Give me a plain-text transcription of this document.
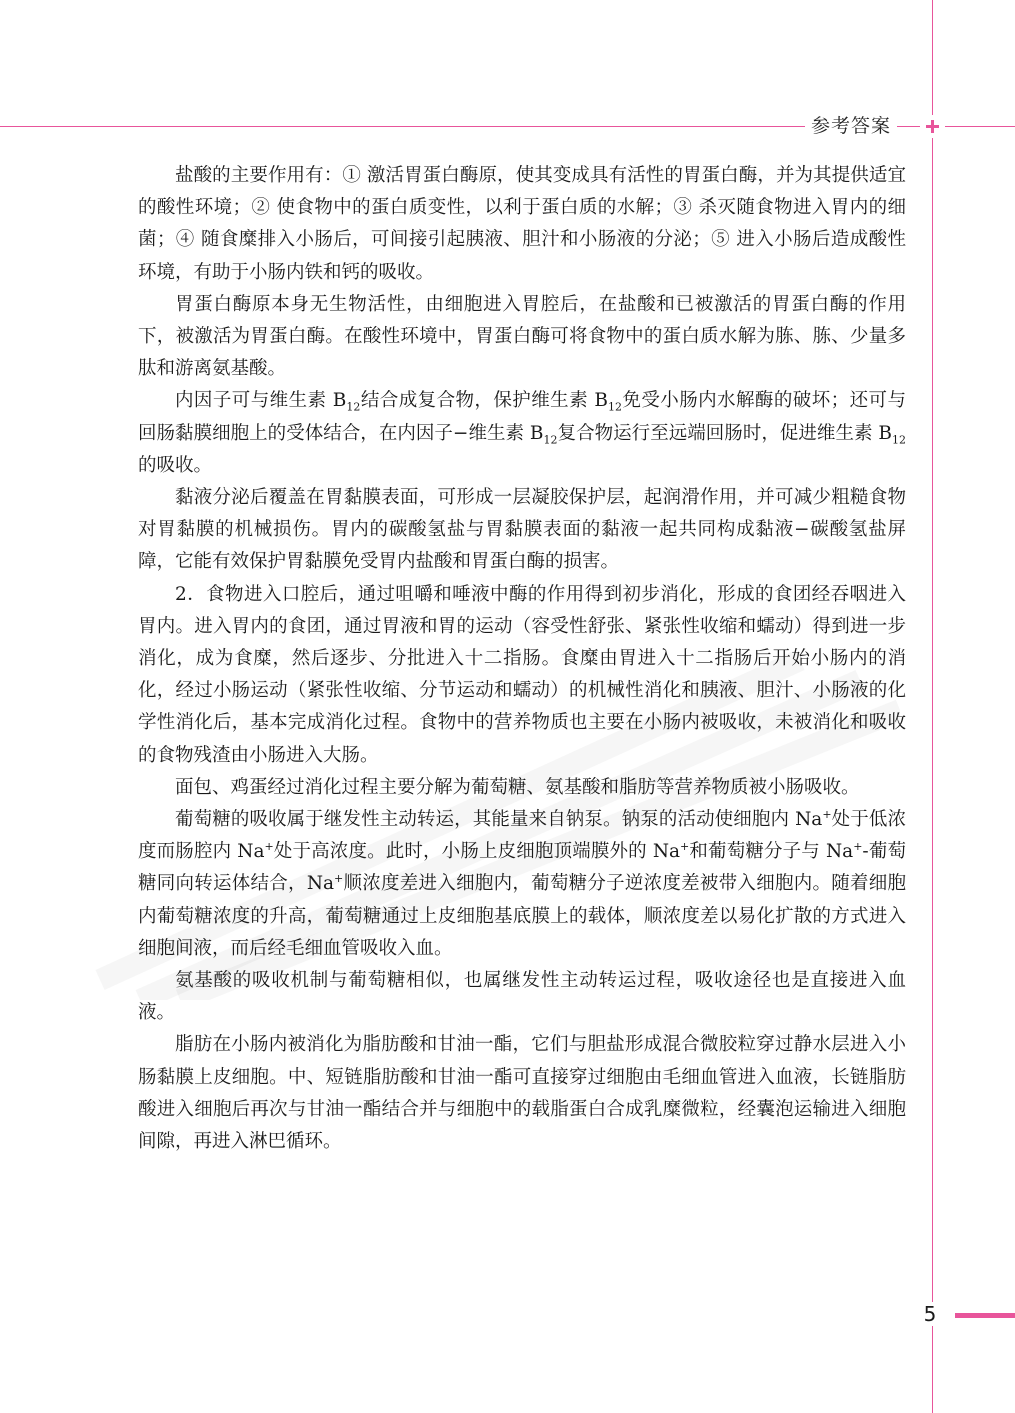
参考答案

盐酸的主要作用有：① 激活胃蛋白酶原，使其变成具有活性的胃蛋白酶，并为其提供适宜的酸性环境；② 使食物中的蛋白质变性，以利于蛋白质的水解；③ 杀灭随食物进入胃内的细菌；④ 随食糜排入小肠后，可间接引起胰液、胆汁和小肠液的分泌；⑤ 进入小肠后造成酸性环境，有助于小肠内铁和钙的吸收。

胃蛋白酶原本身无生物活性，由细胞进入胃腔后，在盐酸和已被激活的胃蛋白酶的作用下，被激活为胃蛋白酶。在酸性环境中，胃蛋白酶可将食物中的蛋白质水解为胨、胨、少量多肽和游离氨基酸。

内因子可与维生素 $B_{12}$结合成复合物，保护维生素 $B_{12}$免受小肠内水解酶的破坏；还可与回肠黏膜细胞上的受体结合，在内因子−维生素 $B_{12}$复合物运行至远端回肠时，促进维生素 $B_{12}$的吸收。

黏液分泌后覆盖在胃黏膜表面，可形成一层凝胶保护层，起润滑作用，并可减少粗糙食物对胃黏膜的机械损伤。胃内的碳酸氢盐与胃黏膜表面的黏液一起共同构成黏液−碳酸氢盐屏障，它能有效保护胃黏膜免受胃内盐酸和胃蛋白酶的损害。

2．食物进入口腔后，通过咀嚼和唾液中酶的作用得到初步消化，形成的食团经吞咽进入胃内。进入胃内的食团，通过胃液和胃的运动（容受性舒张、紧张性收缩和蠕动）得到进一步消化，成为食糜，然后逐步、分批进入十二指肠。食糜由胃进入十二指肠后开始小肠内的消化，经过小肠运动（紧张性收缩、分节运动和蠕动）的机械性消化和胰液、胆汁、小肠液的化学性消化后，基本完成消化过程。食物中的营养物质也主要在小肠内被吸收，未被消化和吸收的食物残渣由小肠进入大肠。

面包、鸡蛋经过消化过程主要分解为葡萄糖、氨基酸和脂肪等营养物质被小肠吸收。

葡萄糖的吸收属于继发性主动转运，其能量来自钠泵。钠泵的活动使细胞内 Na+处于低浓度而肠腔内 Na+处于高浓度。此时，小肠上皮细胞顶端膜外的 Na+和葡萄糖分子与 Na+-葡萄糖同向转运体结合，Na+顺浓度差进入细胞内，葡萄糖分子逆浓度差被带入细胞内。随着细胞内葡萄糖浓度的升高，葡萄糖通过上皮细胞基底膜上的载体，顺浓度差以易化扩散的方式进入细胞间液，而后经毛细血管吸收入血。

氨基酸的吸收机制与葡萄糖相似，也属继发性主动转运过程，吸收途径也是直接进入血液。

脂肪在小肠内被消化为脂肪酸和甘油一酯，它们与胆盐形成混合微胶粒穿过静水层进入小肠黏膜上皮细胞。中、短链脂肪酸和甘油一酯可直接穿过细胞由毛细血管进入血液，长链脂肪酸进入细胞后再次与甘油一酯结合并与细胞中的载脂蛋白合成乳糜微粒，经囊泡运输进入细胞间隙，再进入淋巴循环。

5
